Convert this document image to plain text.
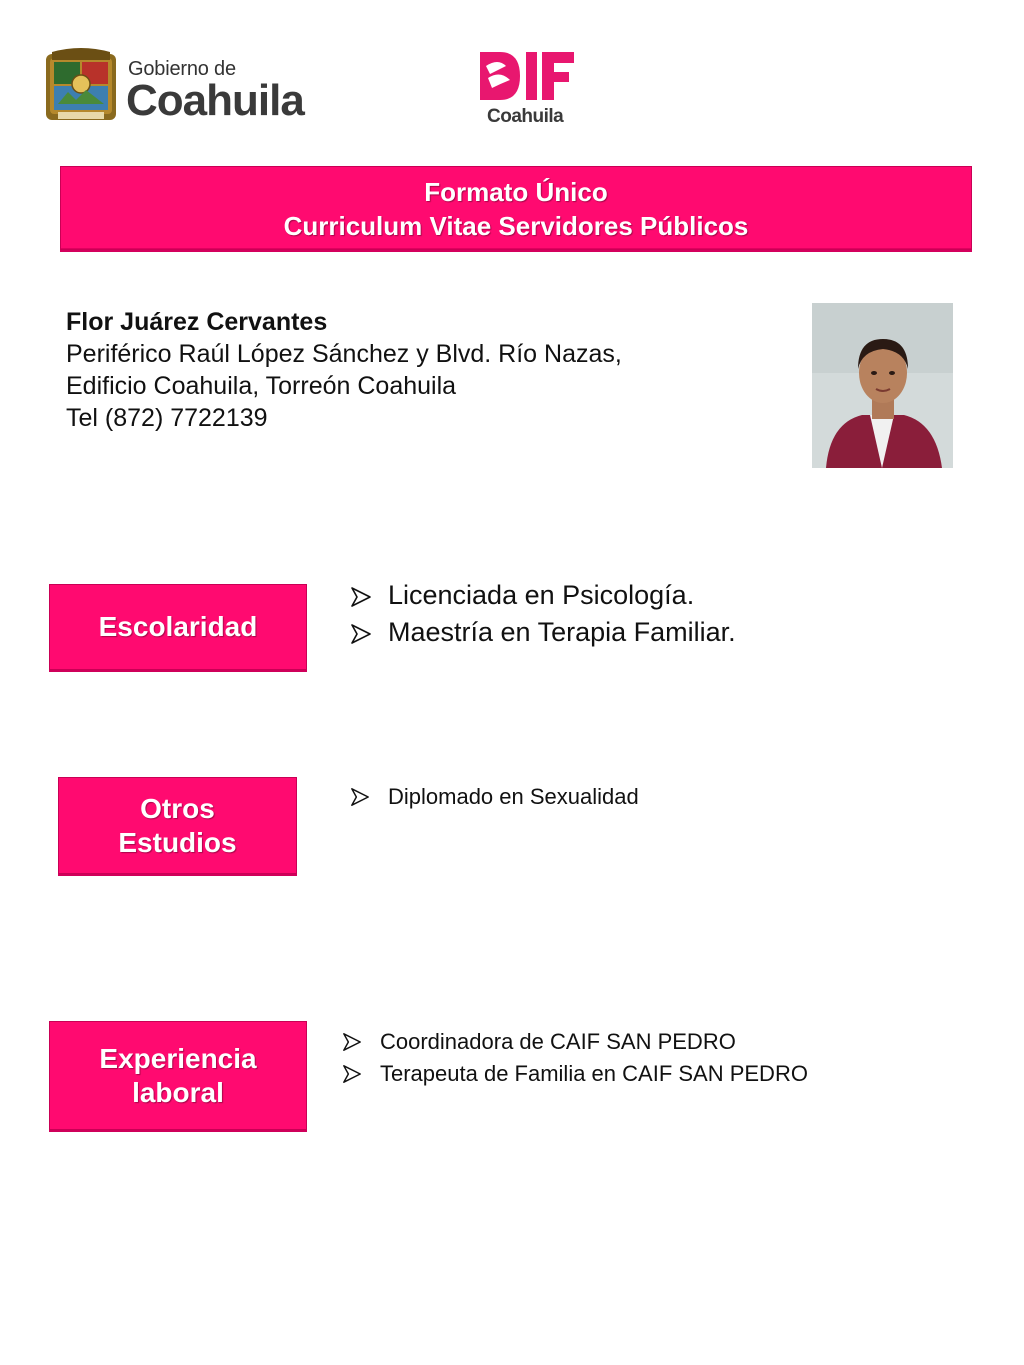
Gobierno de
Coahuila	Coahuila
Formato Único
Curriculum Vitae Servidores Públicos
Flor Juárez Cervantes
Periférico Raúl López Sánchez y Blvd. Río Nazas,
Edificio Coahuila, Torreón Coahuila
Tel (872) 7722139
Escolaridad
Licenciada en Psicología.
Maestría en Terapia Familiar.
Otros
Estudios
Diplomado en Sexualidad
Experiencia
laboral
Coordinadora de CAIF SAN PEDRO
Terapeuta de Familia en CAIF SAN PEDRO
